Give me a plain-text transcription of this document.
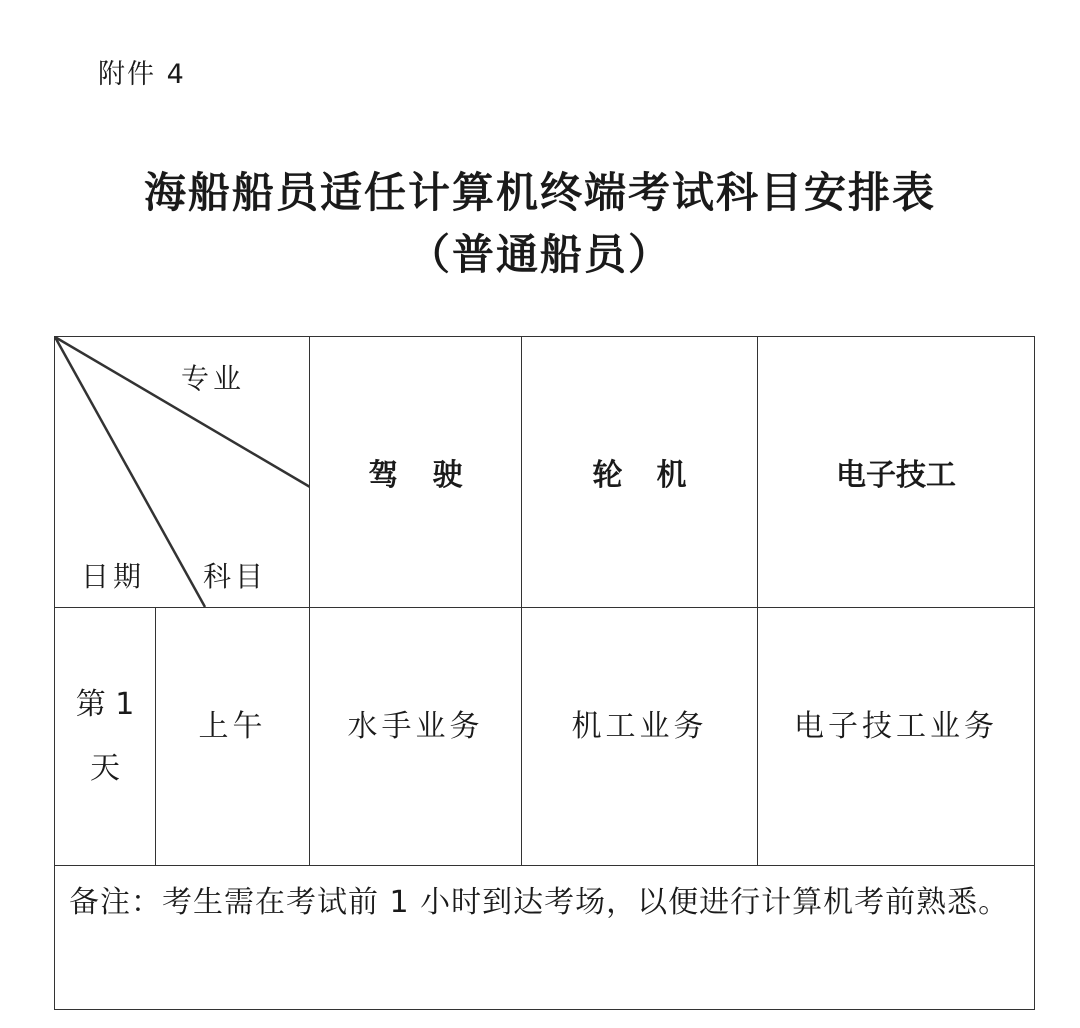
附件 4
海船船员适任计算机终端考试科目安排表
（普通船员）
专业
日期 科目		驾驶	轮机	电子技工

第 1
天	上午	水手业务	机工业务	电子技工业务
备注：考生需在考试前 1 小时到达考场，以便进行计算机考前熟悉。				
